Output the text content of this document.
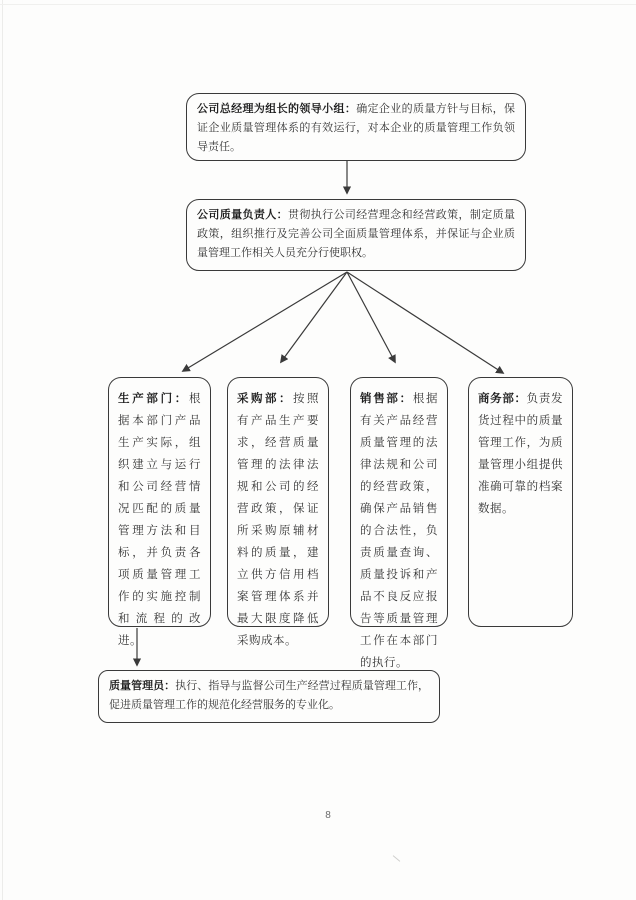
公司总经理为组长的领导小组：确定企业的质量方针与目标，保证企业质量管理体系的有效运行，对本企业的质量管理工作负领导责任。

公司质量负责人：贯彻执行公司经营理念和经营政策，制定质量政策，组织推行及完善公司全面质量管理体系，并保证与企业质量管理工作相关人员充分行使职权。

生产部门：根据本部门产品生产实际，组织建立与运行和公司经营情况匹配的质量管理方法和目标，并负责各项质量管理工作的实施控制和流程的改进。

采购部：按照有产品生产要求，经营质量管理的法律法规和公司的经营政策，保证所采购原辅材料的质量，建立供方信用档案管理体系并最大限度降低采购成本。

销售部：根据有关产品经营质量管理的法律法规和公司的经营政策，确保产品销售的合法性，负责质量查询、质量投诉和产品不良反应报告等质量管理工作在本部门的执行。

商务部：负责发货过程中的质量管理工作，为质量管理小组提供准确可靠的档案数据。

质量管理员：执行、指导与监督公司生产经营过程质量管理工作，促进质量管理工作的规范化经营服务的专业化。

8
